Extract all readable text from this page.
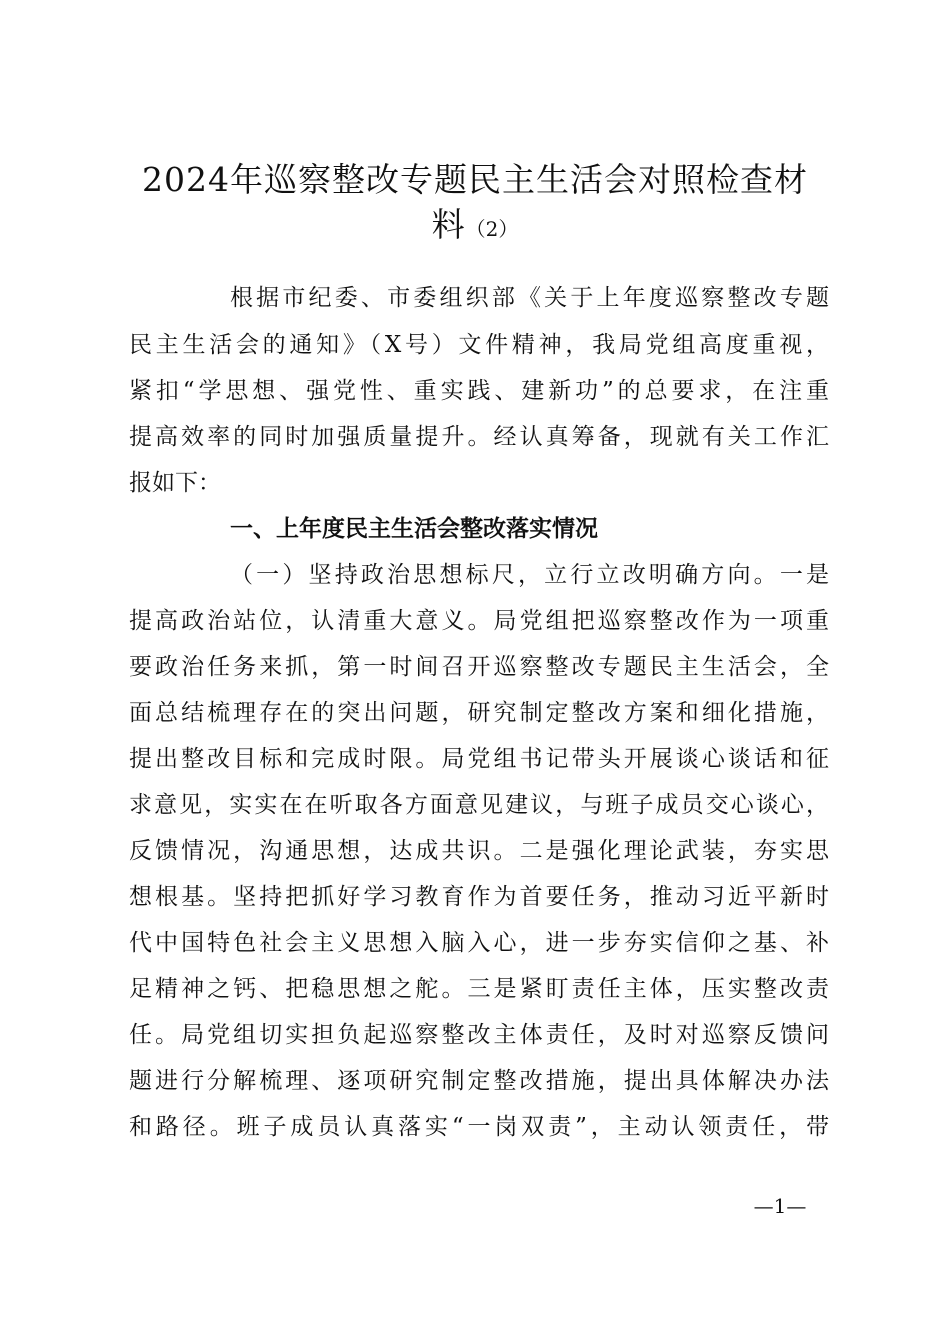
2024年巡察整改专题民主生活会对照检查材
料（2）
根据市纪委、市委组织部《关于上年度巡察整改专题
民主生活会的通知》（X号）文件精神，我局党组高度重视，
紧扣“学思想、强党性、重实践、建新功”的总要求，在注重
提高效率的同时加强质量提升。经认真筹备，现就有关工作汇
报如下：
一、上年度民主生活会整改落实情况
（一）坚持政治思想标尺，立行立改明确方向。一是
提高政治站位，认清重大意义。局党组把巡察整改作为一项重
要政治任务来抓，第一时间召开巡察整改专题民主生活会，全
面总结梳理存在的突出问题，研究制定整改方案和细化措施，
提出整改目标和完成时限。局党组书记带头开展谈心谈话和征
求意见，实实在在听取各方面意见建议，与班子成员交心谈心，
反馈情况，沟通思想，达成共识。二是强化理论武装，夯实思
想根基。坚持把抓好学习教育作为首要任务，推动习近平新时
代中国特色社会主义思想入脑入心，进一步夯实信仰之基、补
足精神之钙、把稳思想之舵。三是紧盯责任主体，压实整改责
任。局党组切实担负起巡察整改主体责任，及时对巡察反馈问
题进行分解梳理、逐项研究制定整改措施，提出具体解决办法
和路径。班子成员认真落实“一岗双责”，主动认领责任，带
—1—
